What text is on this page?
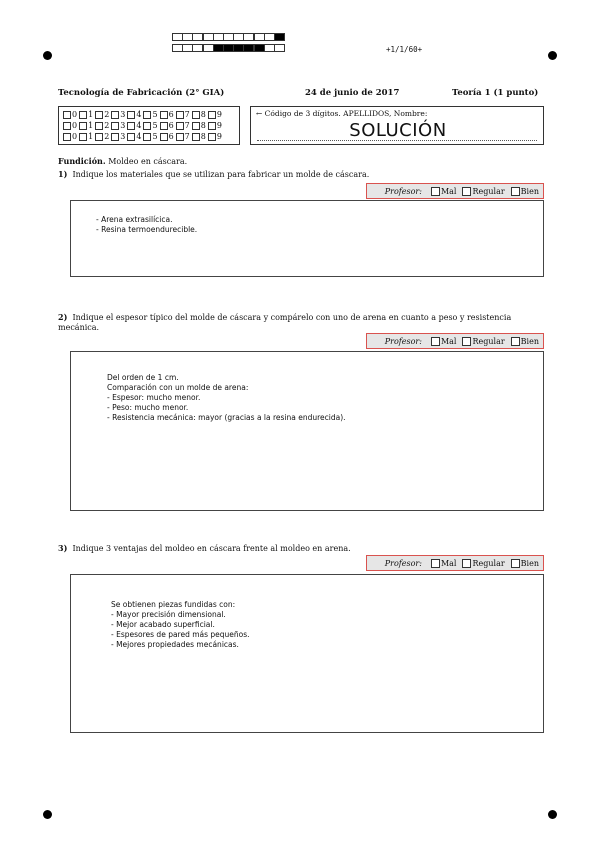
+1/1/60+
Tecnología de Fabricación (2° GIA)	24 de junio de 2017	Teoría 1 (1 punto)
0 1 2 3 4 5 6 7 8 9
0 1 2 3 4 5 6 7 8 9
0 1 2 3 4 5 6 7 8 9
← Código de 3 dígitos. APELLIDOS, Nombre:
SOLUCIÓN
Fundición. Moldeo en cáscara.
1) Indique los materiales que se utilizan para fabricar un molde de cáscara.
Profesor: Mal Regular Bien
- Arena extrasilícica.
- Resina termoendurecible.
2) Indique el espesor típico del molde de cáscara y compárelo con uno de arena en cuanto a peso y resistencia
mecánica.
Profesor: Mal Regular Bien
Del orden de 1 cm.
Comparación con un molde de arena:
- Espesor: mucho menor.
- Peso: mucho menor.
- Resistencia mecánica: mayor (gracias a la resina endurecida).
3) Indique 3 ventajas del moldeo en cáscara frente al moldeo en arena.
Profesor: Mal Regular Bien
Se obtienen piezas fundidas con:
- Mayor precisión dimensional.
- Mejor acabado superficial.
- Espesores de pared más pequeños.
- Mejores propiedades mecánicas.
